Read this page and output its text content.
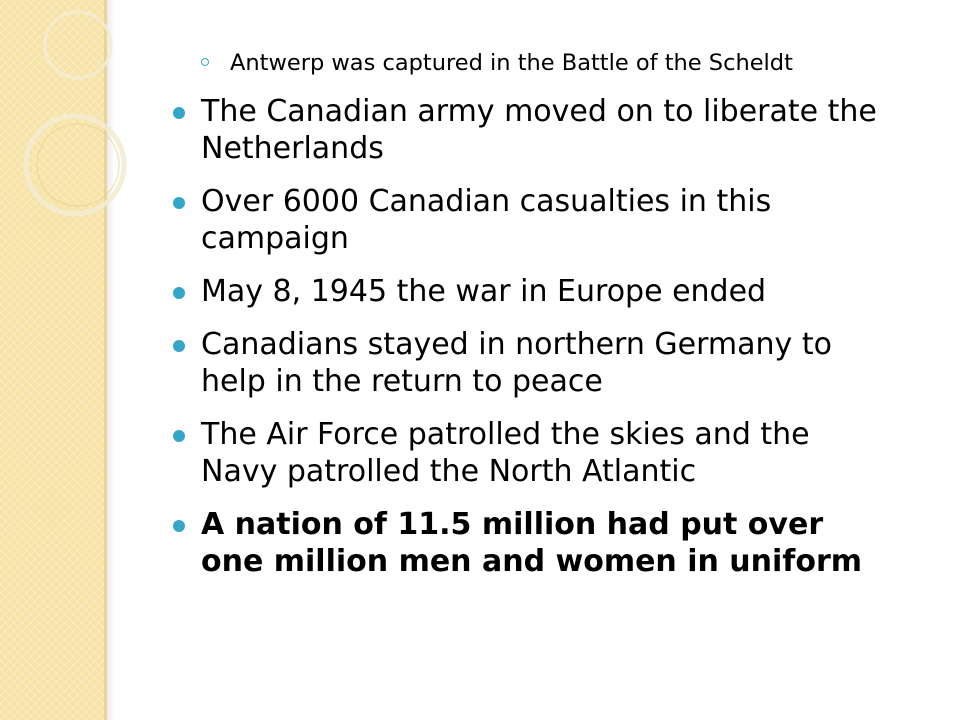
Antwerp was captured in the Battle of the Scheldt
The Canadian army moved on to liberate the Netherlands
Over 6000 Canadian casualties in this campaign
May 8, 1945 the war in Europe ended
Canadians stayed in northern Germany to help in the return to peace
The Air Force patrolled the skies and the Navy patrolled the North Atlantic
A nation of 11.5 million had put over one million men and women in uniform
